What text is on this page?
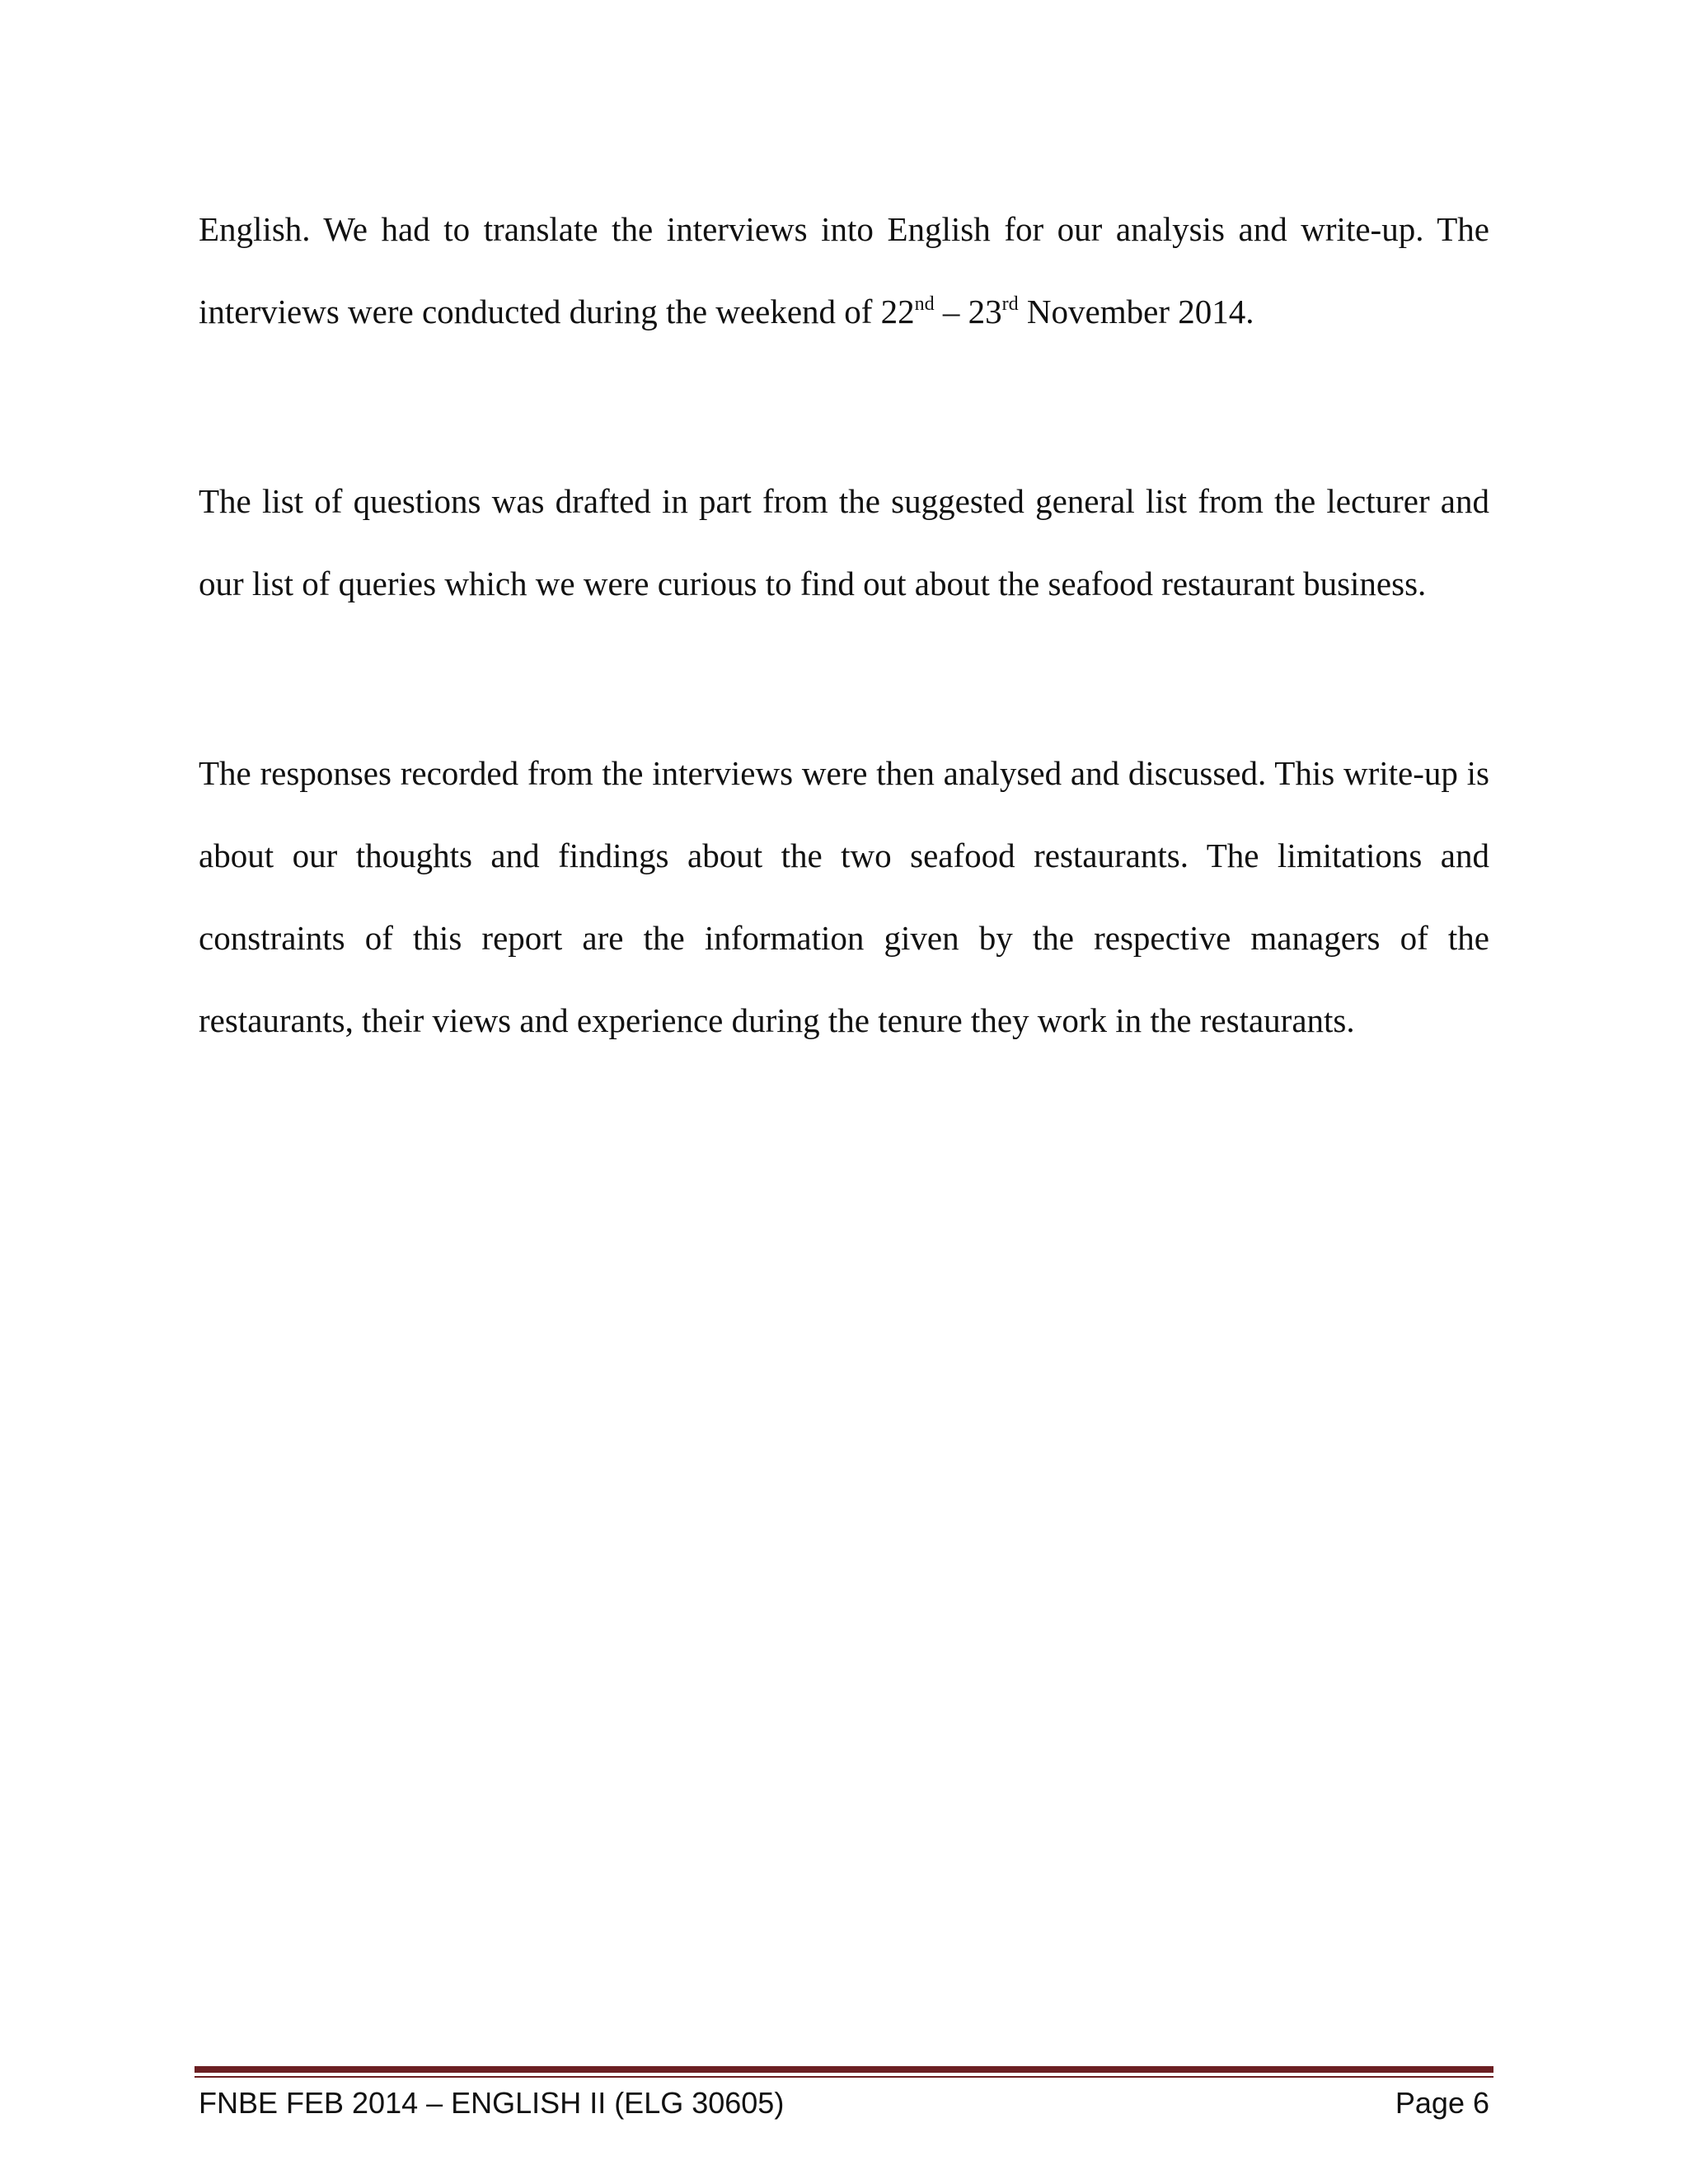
English. We had to translate the interviews into English for our analysis and write-up. The interviews were conducted during the weekend of 22nd – 23rd November 2014.

The list of questions was drafted in part from the suggested general list from the lecturer and our list of queries which we were curious to find out about the seafood restaurant business.

The responses recorded from the interviews were then analysed and discussed. This write-up is about our thoughts and findings about the two seafood restaurants. The limitations and constraints of this report are the information given by the respective managers of the restaurants, their views and experience during the tenure they work in the restaurants.

FNBE FEB 2014 – ENGLISH II (ELG 30605)	Page 6
